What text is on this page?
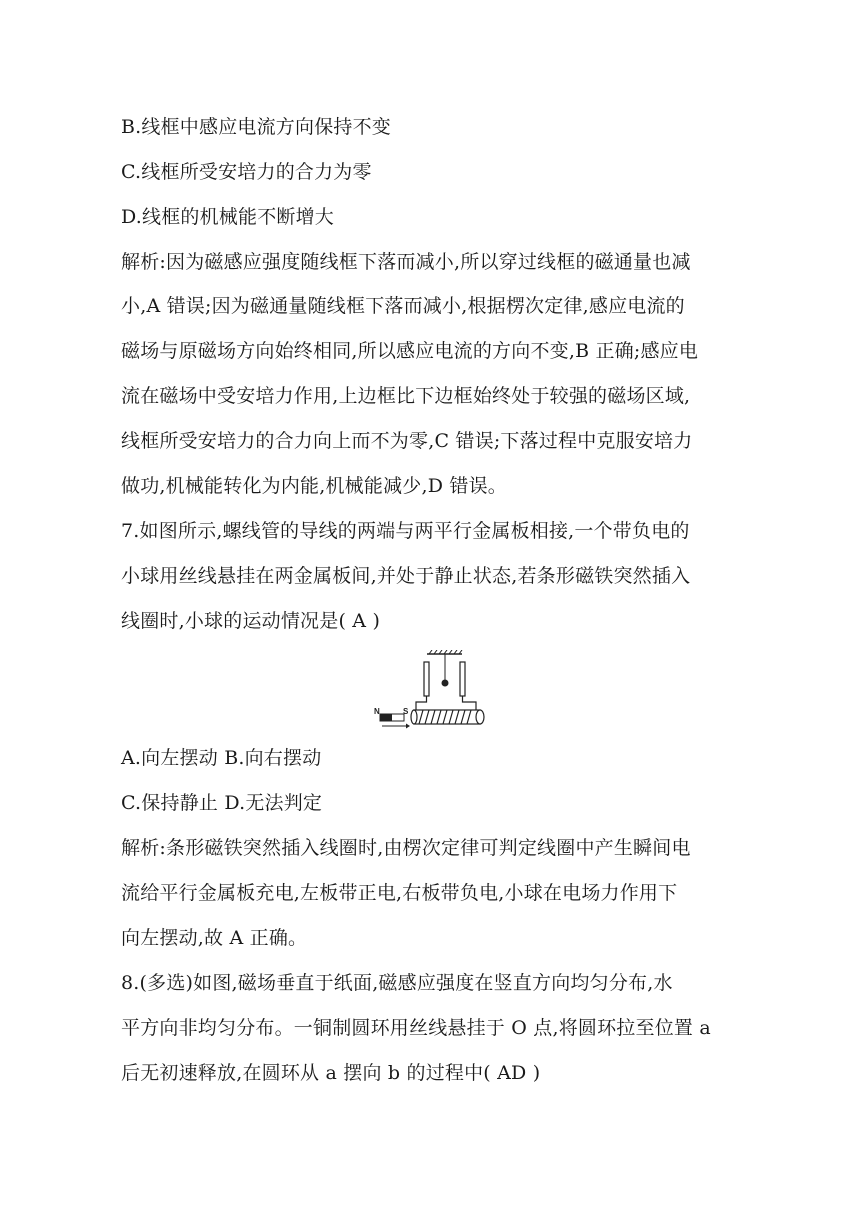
B.线框中感应电流方向保持不变
C.线框所受安培力的合力为零
D.线框的机械能不断增大
解析:因为磁感应强度随线框下落而减小,所以穿过线框的磁通量也减
小,A 错误;因为磁通量随线框下落而减小,根据楞次定律,感应电流的
磁场与原磁场方向始终相同,所以感应电流的方向不变,B 正确;感应电
流在磁场中受安培力作用,上边框比下边框始终处于较强的磁场区域,
线框所受安培力的合力向上而不为零,C 错误;下落过程中克服安培力
做功,机械能转化为内能,机械能减少,D 错误。
7.如图所示,螺线管的导线的两端与两平行金属板相接,一个带负电的
小球用丝线悬挂在两金属板间,并处于静止状态,若条形磁铁突然插入
线圈时,小球的运动情况是( A )
N	S
A.向左摆动 B.向右摆动
C.保持静止 D.无法判定
解析:条形磁铁突然插入线圈时,由楞次定律可判定线圈中产生瞬间电
流给平行金属板充电,左板带正电,右板带负电,小球在电场力作用下
向左摆动,故 A 正确。
8.(多选)如图,磁场垂直于纸面,磁感应强度在竖直方向均匀分布,水
平方向非均匀分布。一铜制圆环用丝线悬挂于 O 点,将圆环拉至位置 a
后无初速释放,在圆环从 a 摆向 b 的过程中( AD )
